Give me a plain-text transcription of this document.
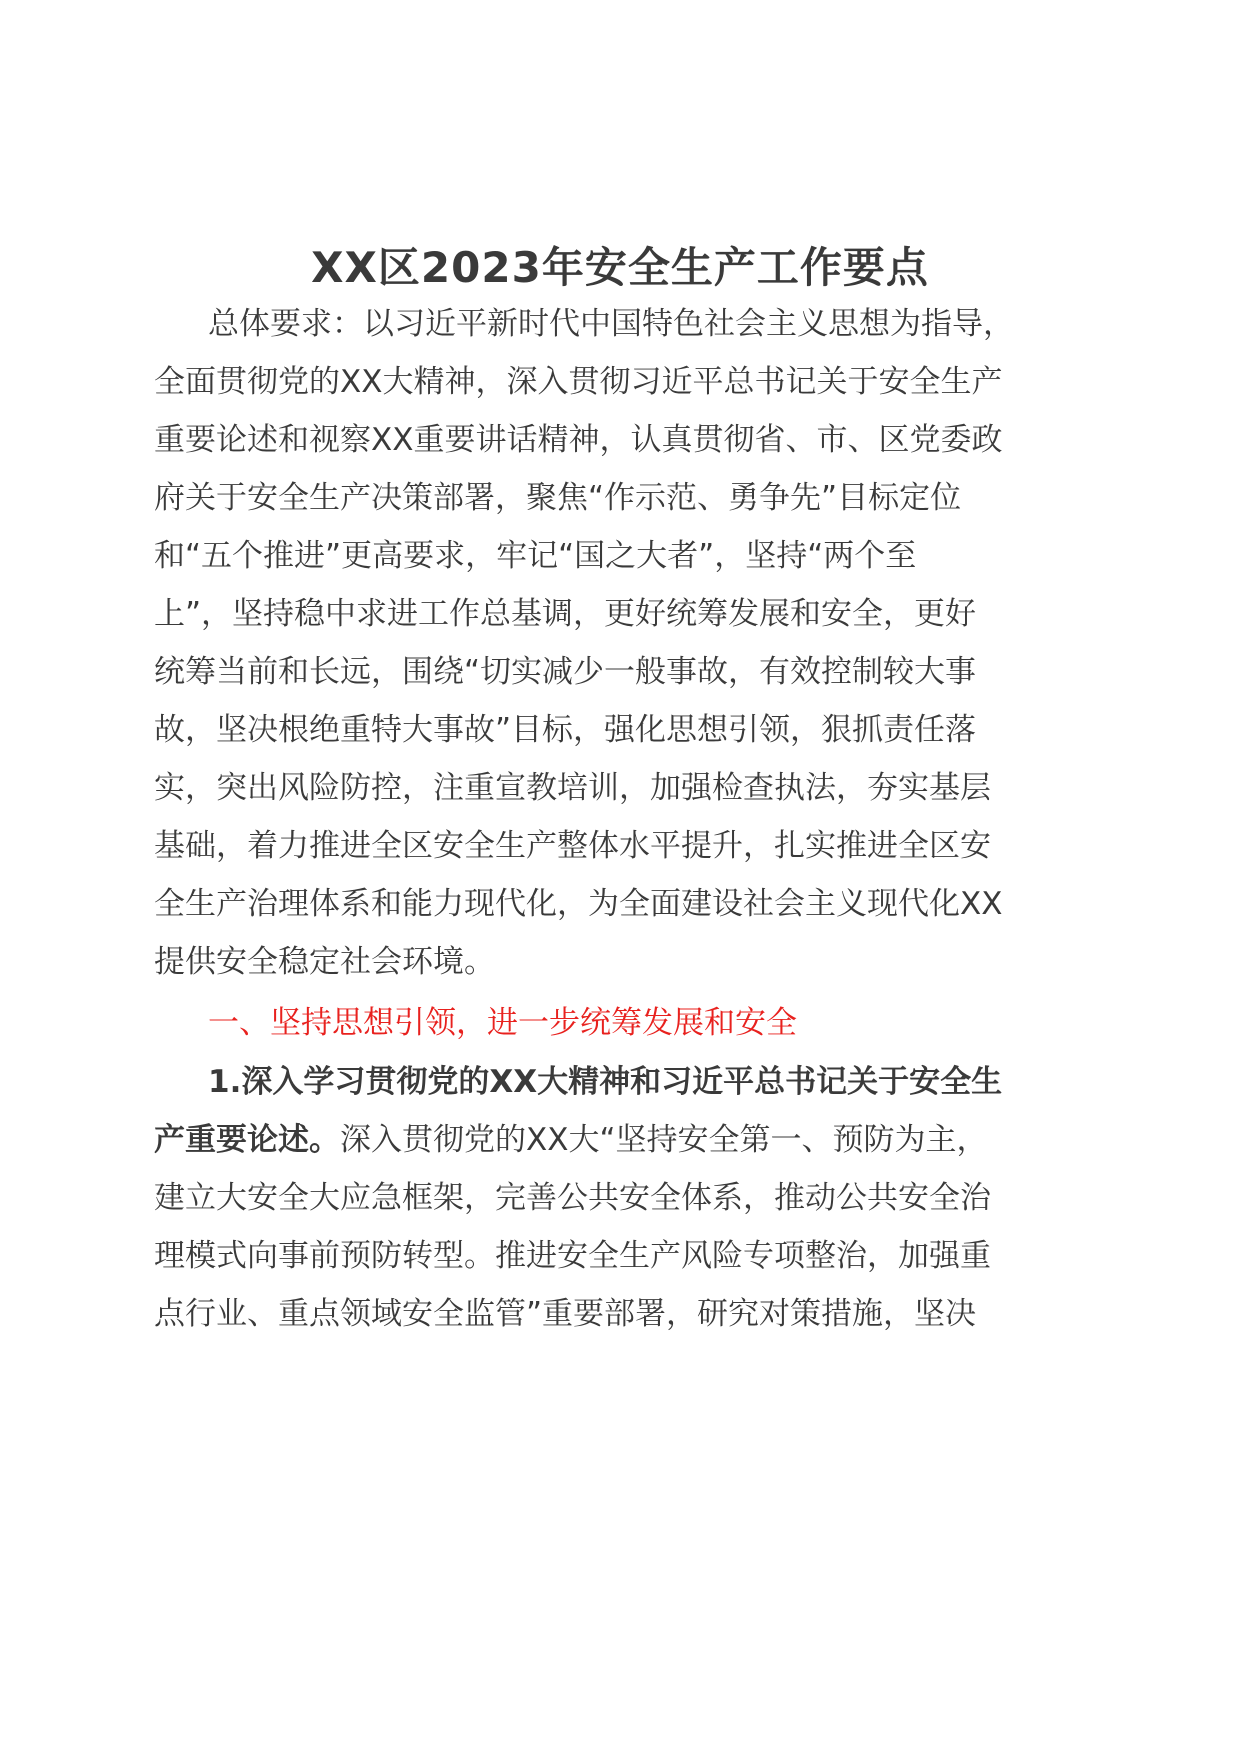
XX区2023年安全生产工作要点
总体要求：以习近平新时代中国特色社会主义思想为指导，
全面贯彻党的XX大精神，深入贯彻习近平总书记关于安全生产
重要论述和视察XX重要讲话精神，认真贯彻省、市、区党委政
府关于安全生产决策部署，聚焦“作示范、勇争先”目标定位
和“五个推进”更高要求，牢记“国之大者”，坚持“两个至
上”，坚持稳中求进工作总基调，更好统筹发展和安全，更好
统筹当前和长远，围绕“切实减少一般事故，有效控制较大事
故，坚决根绝重特大事故”目标，强化思想引领，狠抓责任落
实，突出风险防控，注重宣教培训，加强检查执法，夯实基层
基础，着力推进全区安全生产整体水平提升，扎实推进全区安
全生产治理体系和能力现代化，为全面建设社会主义现代化XX
提供安全稳定社会环境。
一、坚持思想引领，进一步统筹发展和安全
1.深入学习贯彻党的XX大精神和习近平总书记关于安全生
产重要论述。深入贯彻党的XX大“坚持安全第一、预防为主，
建立大安全大应急框架，完善公共安全体系，推动公共安全治
理模式向事前预防转型。推进安全生产风险专项整治，加强重
点行业、重点领域安全监管”重要部署，研究对策措施，坚决
